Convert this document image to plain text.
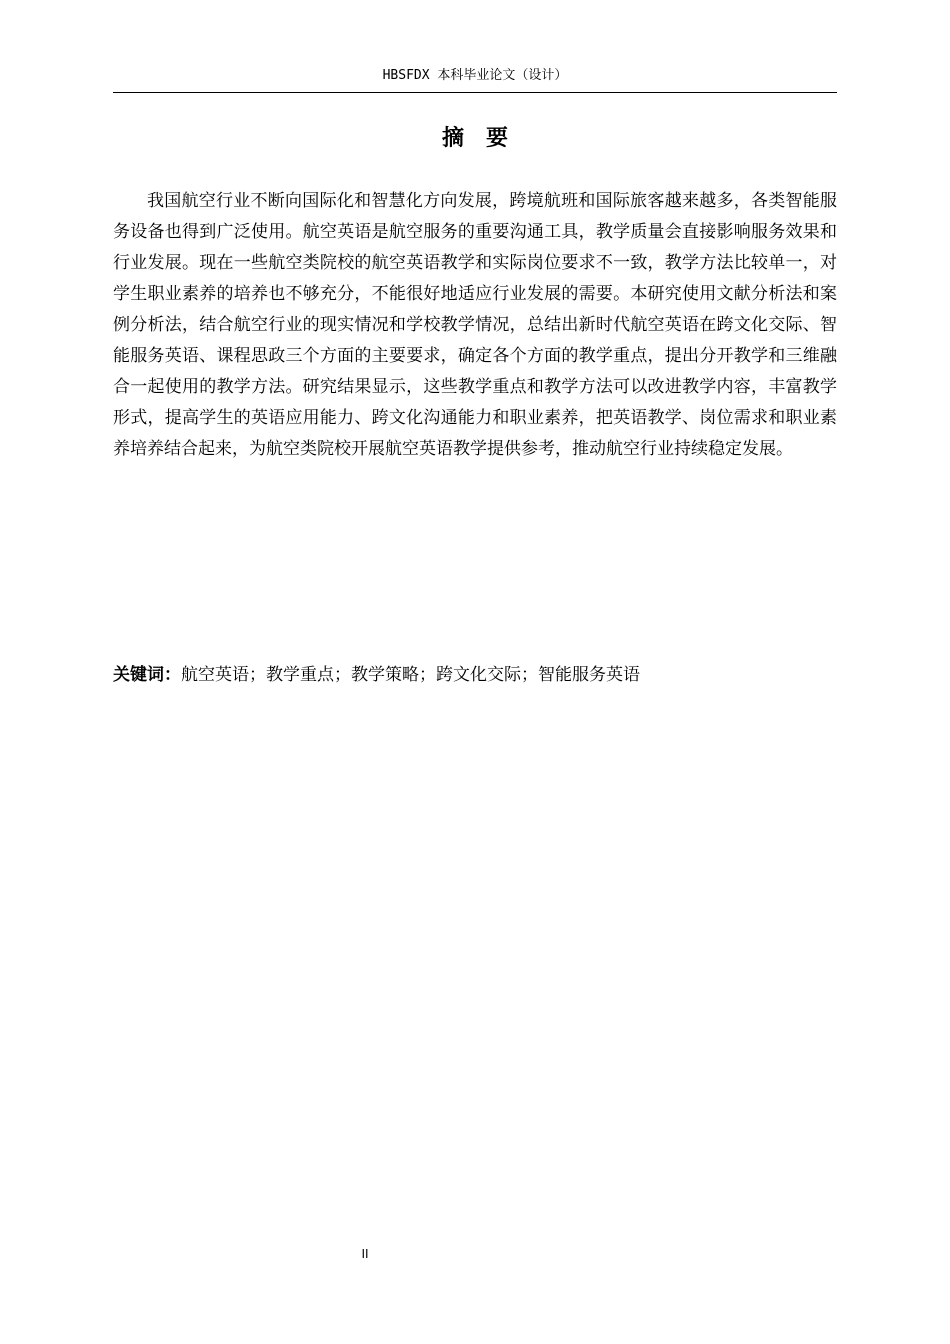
HBSFDX 本科毕业论文（设计）
摘要

我国航空行业不断向国际化和智慧化方向发展，跨境航班和国际旅客越来越多，各类智能服务设备也得到广泛使用。航空英语是航空服务的重要沟通工具，教学质量会直接影响服务效果和行业发展。现在一些航空类院校的航空英语教学和实际岗位要求不一致，教学方法比较单一，对学生职业素养的培养也不够充分，不能很好地适应行业发展的需要。本研究使用文献分析法和案例分析法，结合航空行业的现实情况和学校教学情况，总结出新时代航空英语在跨文化交际、智能服务英语、课程思政三个方面的主要要求，确定各个方面的教学重点，提出分开教学和三维融合一起使用的教学方法。研究结果显示，这些教学重点和教学方法可以改进教学内容，丰富教学形式，提高学生的英语应用能力、跨文化沟通能力和职业素养，把英语教学、岗位需求和职业素养培养结合起来，为航空类院校开展航空英语教学提供参考，推动航空行业持续稳定发展。

关键词：航空英语；教学重点；教学策略；跨文化交际；智能服务英语

II
